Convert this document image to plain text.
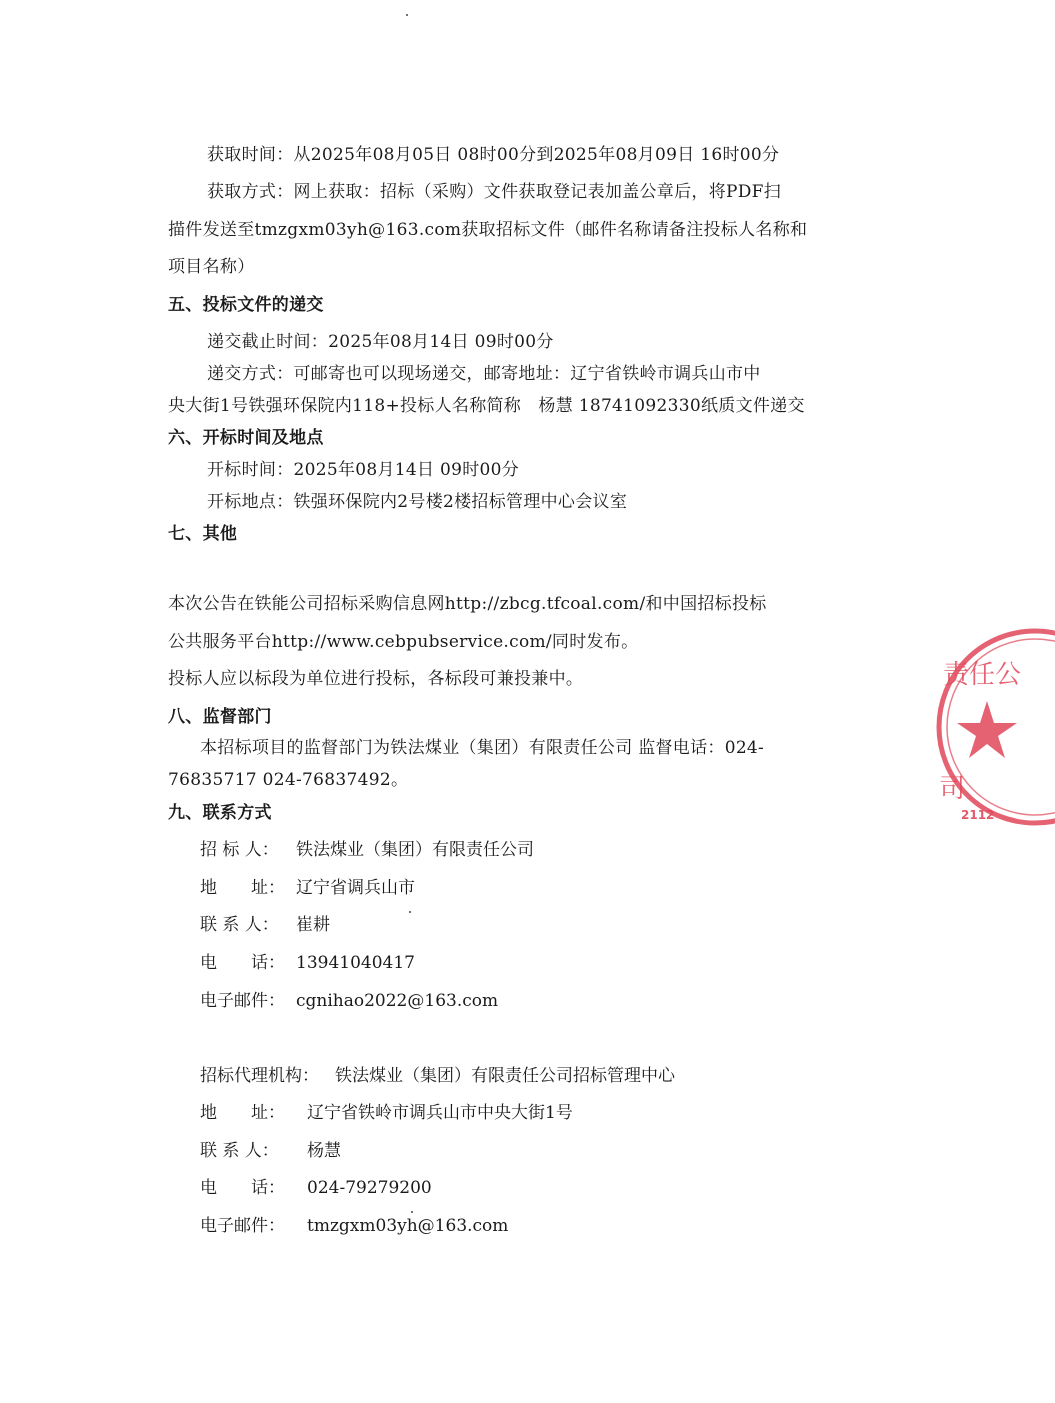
获取时间：从2025年08月05日 08时00分到2025年08月09日 16时00分
获取方式：网上获取：招标（采购）文件获取登记表加盖公章后，将PDF扫
描件发送至tmzgxm03yh@163.com获取招标文件（邮件名称请备注投标人名称和
项目名称）
五、投标文件的递交
递交截止时间：2025年08月14日 09时00分
递交方式：可邮寄也可以现场递交，邮寄地址：辽宁省铁岭市调兵山市中
央大街1号铁强环保院内118+投标人名称简称　杨慧 18741092330纸质文件递交
六、开标时间及地点
开标时间：2025年08月14日 09时00分
开标地点：铁强环保院内2号楼2楼招标管理中心会议室
七、其他
本次公告在铁能公司招标采购信息网http://zbcg.tfcoal.com/和中国招标投标
公共服务平台http://www.cebpubservice.com/同时发布。
投标人应以标段为单位进行投标，各标段可兼投兼中。
八、监督部门
本招标项目的监督部门为铁法煤业（集团）有限责任公司 监督电话：024-
76835717 024-76837492。
九、联系方式
招 标 人： 铁法煤业（集团）有限责任公司
地　　址： 辽宁省调兵山市
联 系 人： 崔耕
电　　话： 13941040417
电子邮件： cgnihao2022@163.com
招标代理机构： 铁法煤业（集团）有限责任公司招标管理中心
地　　址： 辽宁省铁岭市调兵山市中央大街1号
联 系 人： 杨慧
电　　话： 024-79279200
电子邮件： tmzgxm03yh@163.com
责任公
司
2112
